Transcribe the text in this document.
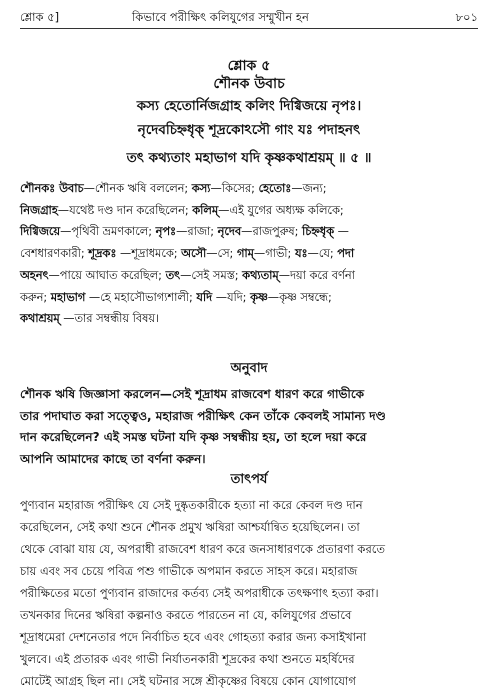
শ্লোক ৫]	কিভাবে পরীক্ষিৎ কলিযুগের সম্মুখীন হন	৮০১
শ্লোক ৫
শৌনক উবাচ
কস্য হেতোর্নিজগ্রাহ কলিং দিগ্বিজয়ে নৃপঃ।
নৃদেবচিহ্নধৃক্ শূদ্রকোঽসৌ গাং যঃ পদাহনৎ
তৎ কথ্যতাং মহাভাগ যদি কৃষ্ণকথাশ্রয়ম্ ॥ ৫ ॥
শৌনকঃ উবাচ—শৌনক ঋষি বললেন; কস্য—কিসের; হেতোঃ—জন্য;
নিজগ্রাহ—যথেষ্ট দণ্ড দান করেছিলেন; কলিম্—এই যুগের অধ্যক্ষ কলিকে;
দিগ্বিজয়ে—পৃথিবী ভ্রমণকালে; নৃপঃ—রাজা; নৃদেব—রাজপুরুষ; চিহ্নধৃক্ —
বেশধারণকারী; শূদ্রকঃ —শূদ্রাধমকে; অসৌ—সে; গাম্—গাভী; যঃ—যে; পদা
অহনৎ—পায়ে আঘাত করেছিল; তৎ—সেই সমস্ত; কথ্যতাম্—দয়া করে বর্ণনা
করুন; মহাভাগ —হে মহাসৌভাগ্যশালী; যদি —যদি; কৃষ্ণ—কৃষ্ণ সম্বন্ধে;
কথাশ্রয়ম্ —তার সম্বন্ধীয় বিষয়।
অনুবাদ
শৌনক ঋষি জিজ্ঞাসা করলেন—সেই শূদ্রাধম রাজবেশ ধারণ করে গাভীকে
তার পদাঘাত করা সত্ত্বেও, মহারাজ পরীক্ষিৎ কেন তাঁকে কেবলই সামান্য দণ্ড
দান করেছিলেন? এই সমস্ত ঘটনা যদি কৃষ্ণ সম্বন্ধীয় হয়, তা হলে দয়া করে
আপনি আমাদের কাছে তা বর্ণনা করুন।
তাৎপর্য
পুণ্যবান মহারাজ পরীক্ষিৎ যে সেই দুষ্কৃতকারীকে হত্যা না করে কেবল দণ্ড দান
করেছিলেন, সেই কথা শুনে শৌনক প্রমুখ ঋষিরা আশ্চর্যান্বিত হয়েছিলেন। তা
থেকে বোঝা যায় যে, অপরাধী রাজবেশ ধারণ করে জনসাধারণকে প্রতারণা করতে
চায় এবং সব চেয়ে পবিত্র পশু গাভীকে অপমান করতে সাহস করে। মহারাজ
পরীক্ষিতের মতো পুণ্যবান রাজাদের কর্তব্য সেই অপরাধীকে তৎক্ষণাৎ হত্যা করা।
তখনকার দিনের ঋষিরা কল্পনাও করতে পারতেন না যে, কলিযুগের প্রভাবে
শূদ্রাধমেরা দেশনেতার পদে নির্বাচিত হবে এবং গোহত্যা করার জন্য কসাইখানা
খুলবে। এই প্রতারক এবং গাভী নির্যাতনকারী শূদ্রকের কথা শুনতে মহর্ষিদের
মোটেই আগ্রহ ছিল না। সেই ঘটনার সঙ্গে শ্রীকৃষ্ণের বিষয়ে কোন যোগাযোগ
